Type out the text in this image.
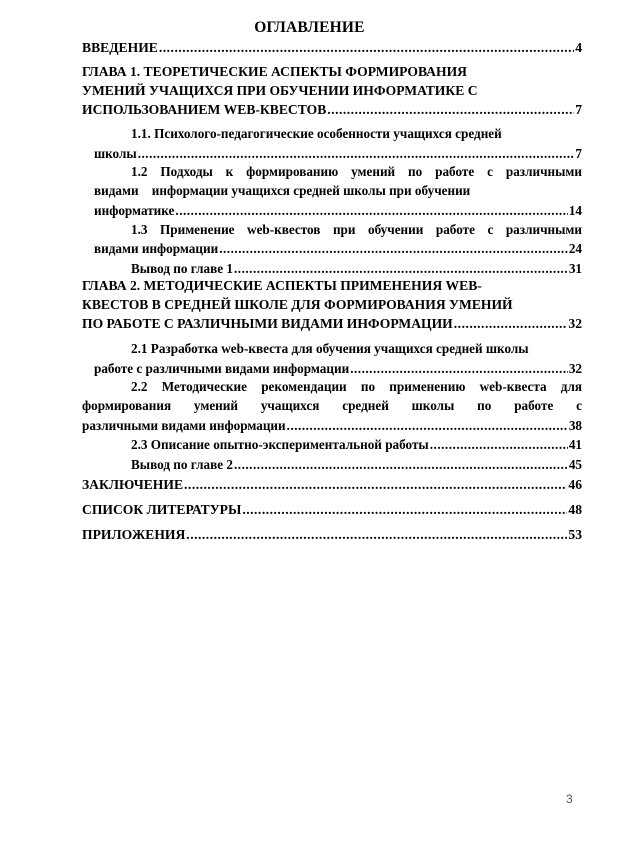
ОГЛАВЛЕНИЕ
ВВЕДЕНИЕ .....	4
ГЛАВА 1. ТЕОРЕТИЧЕСКИЕ АСПЕКТЫ ФОРМИРОВАНИЯ
УМЕНИЙ УЧАЩИХСЯ ПРИ ОБУЧЕНИИ ИНФОРМАТИКЕ С
ИСПОЛЬЗОВАНИЕМ WEB-КВЕСТОВ .....	7
1.1. Психолого-педагогические особенности учащихся средней
школы .....	7
1.2 Подходы к формированию умений по работе с различными
видами    информации учащихся средней школы при обучении
информатике .....	14
1.3 Применение web-квестов при обучении работе с различными
видами информации .....	24
Вывод по главе 1 .....	31
ГЛАВА 2. МЕТОДИЧЕСКИЕ АСПЕКТЫ ПРИМЕНЕНИЯ WEB-
КВЕСТОВ В СРЕДНЕЙ ШКОЛЕ ДЛЯ ФОРМИРОВАНИЯ УМЕНИЙ
ПО РАБОТЕ С РАЗЛИЧНЫМИ ВИДАМИ ИНФОРМАЦИИ .....	32
2.1 Разработка web-квеста для обучения учащихся средней школы
работе с различными видами информации .....	32
2.2 Методические рекомендации по применению web-квеста для
формирования умений учащихся средней школы по работе с
различными видами информации .....	38
2.3 Описание опытно-экспериментальной работы .....	41
Вывод по главе 2 .....	45
ЗАКЛЮЧЕНИЕ .....	46
СПИСОК ЛИТЕРАТУРЫ .....	48
ПРИЛОЖЕНИЯ .....	53
3
